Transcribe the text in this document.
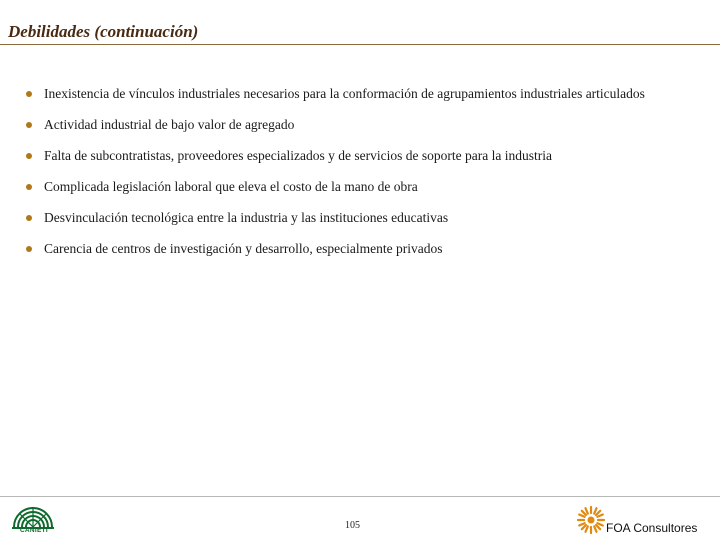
Debilidades (continuación)
Inexistencia de vínculos industriales necesarios para la conformación de agrupamientos industriales articulados
Actividad industrial de bajo valor de agregado
Falta de subcontratistas, proveedores especializados y de servicios de soporte para la industria
Complicada legislación laboral que eleva el costo de la mano de obra
Desvinculación tecnológica entre la industria y las instituciones educativas
Carencia de centros de investigación y desarrollo, especialmente privados
CANIETI	105	FOA Consultores
